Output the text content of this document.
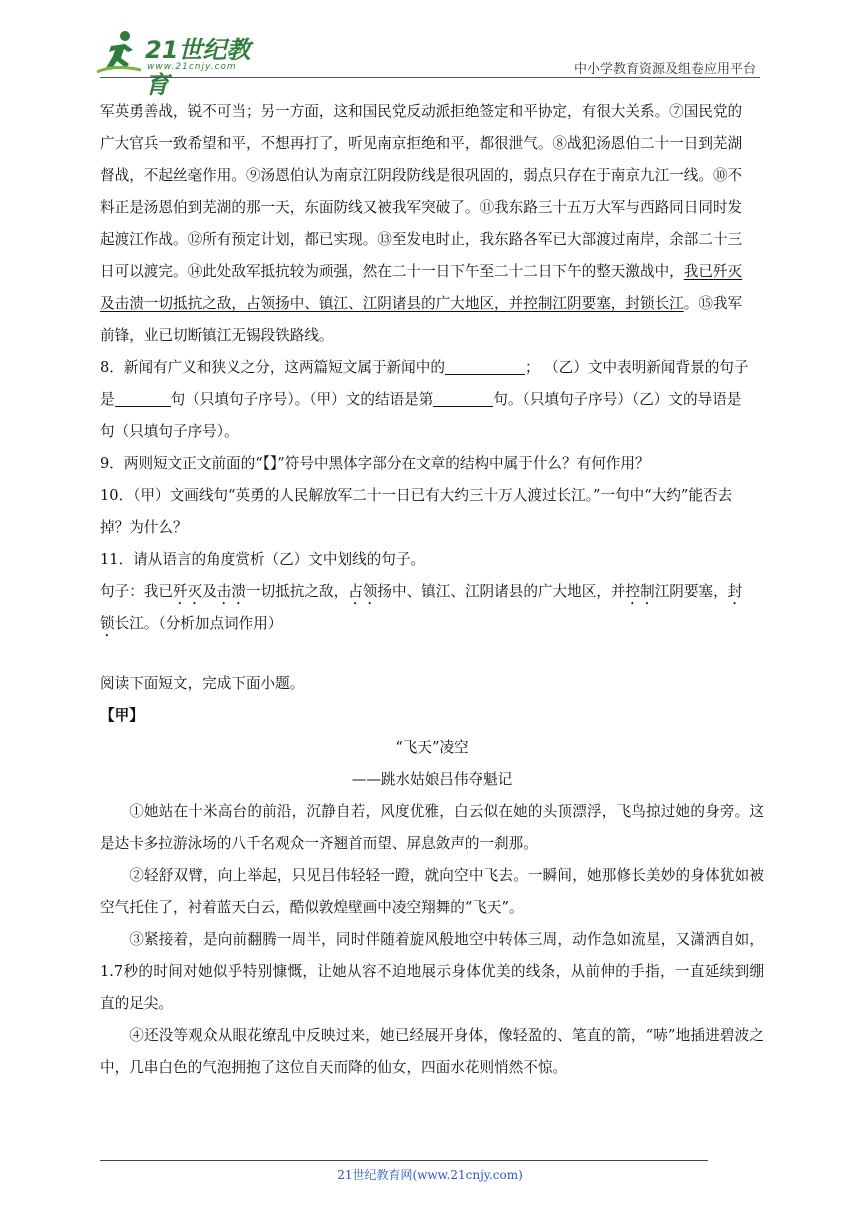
21世纪教育
www.21cnjy.com	中小学教育资源及组卷应用平台

军英勇善战，锐不可当；另一方面，这和国民党反动派拒绝签定和平协定，有很大关系。⑦国民党的

广大官兵一致希望和平，不想再打了，听见南京拒绝和平，都很泄气。⑧战犯汤恩伯二十一日到芜湖

督战，不起丝毫作用。⑨汤恩伯认为南京江阴段防线是很巩固的，弱点只存在于南京九江一线。⑩不

料正是汤恩伯到芜湖的那一天，东面防线又被我军突破了。⑪我东路三十五万大军与西路同日同时发

起渡江作战。⑫所有预定计划，都已实现。⑬至发电时止，我东路各军已大部渡过南岸，余部二十三

日可以渡完。⑭此处敌军抵抗较为顽强，然在二十一日下午至二十二日下午的整天激战中，我已歼灭

及击溃一切抵抗之敌，占领扬中、镇江、江阴诸县的广大地区，并控制江阴要塞，封锁长江。⑮我军

前锋，业已切断镇江无锡段铁路线。

8．新闻有广义和狭义之分，这两篇短文属于新闻中的	； （乙）文中表明新闻背景的句子

是	句（只填句子序号）。（甲）文的结语是第	句。（只填句子序号）（乙）文的导语是

句（只填句子序号）。

9．两则短文正文前面的“【】”符号中黑体字部分在文章的结构中属于什么？有何作用？

10．（甲）文画线句“英勇的人民解放军二十一日已有大约三十万人渡过长江。”一句中“大约”能否去

掉？为什么？

11．请从语言的角度赏析（乙）文中划线的句子。

句子：我已歼灭及击溃一切抵抗之敌，占领扬中、镇江、江阴诸县的广大地区，并控制江阴要塞，封

锁长江。（分析加点词作用）

阅读下面短文，完成下面小题。

【甲】

“飞天”凌空

——跳水姑娘吕伟夺魁记

①她站在十米高台的前沿，沉静自若，风度优雅，白云似在她的头顶漂浮，飞鸟掠过她的身旁。这是达卡多拉游泳场的八千名观众一齐翘首而望、屏息敛声的一刹那。

②轻舒双臂，向上举起，只见吕伟轻轻一蹬，就向空中飞去。一瞬间，她那修长美妙的身体犹如被空气托住了，衬着蓝天白云，酷似敦煌壁画中凌空翔舞的“飞天”。

③紧接着，是向前翻腾一周半，同时伴随着旋风般地空中转体三周，动作急如流星，又潇洒自如，1.7秒的时间对她似乎特别慷慨，让她从容不迫地展示身体优美的线条，从前伸的手指，一直延续到绷直的足尖。

④还没等观众从眼花缭乱中反映过来，她已经展开身体，像轻盈的、笔直的箭，“哧”地插进碧波之中，几串白色的气泡拥抱了这位自天而降的仙女，四面水花则悄然不惊。

21世纪教育网(www.21cnjy.com)
